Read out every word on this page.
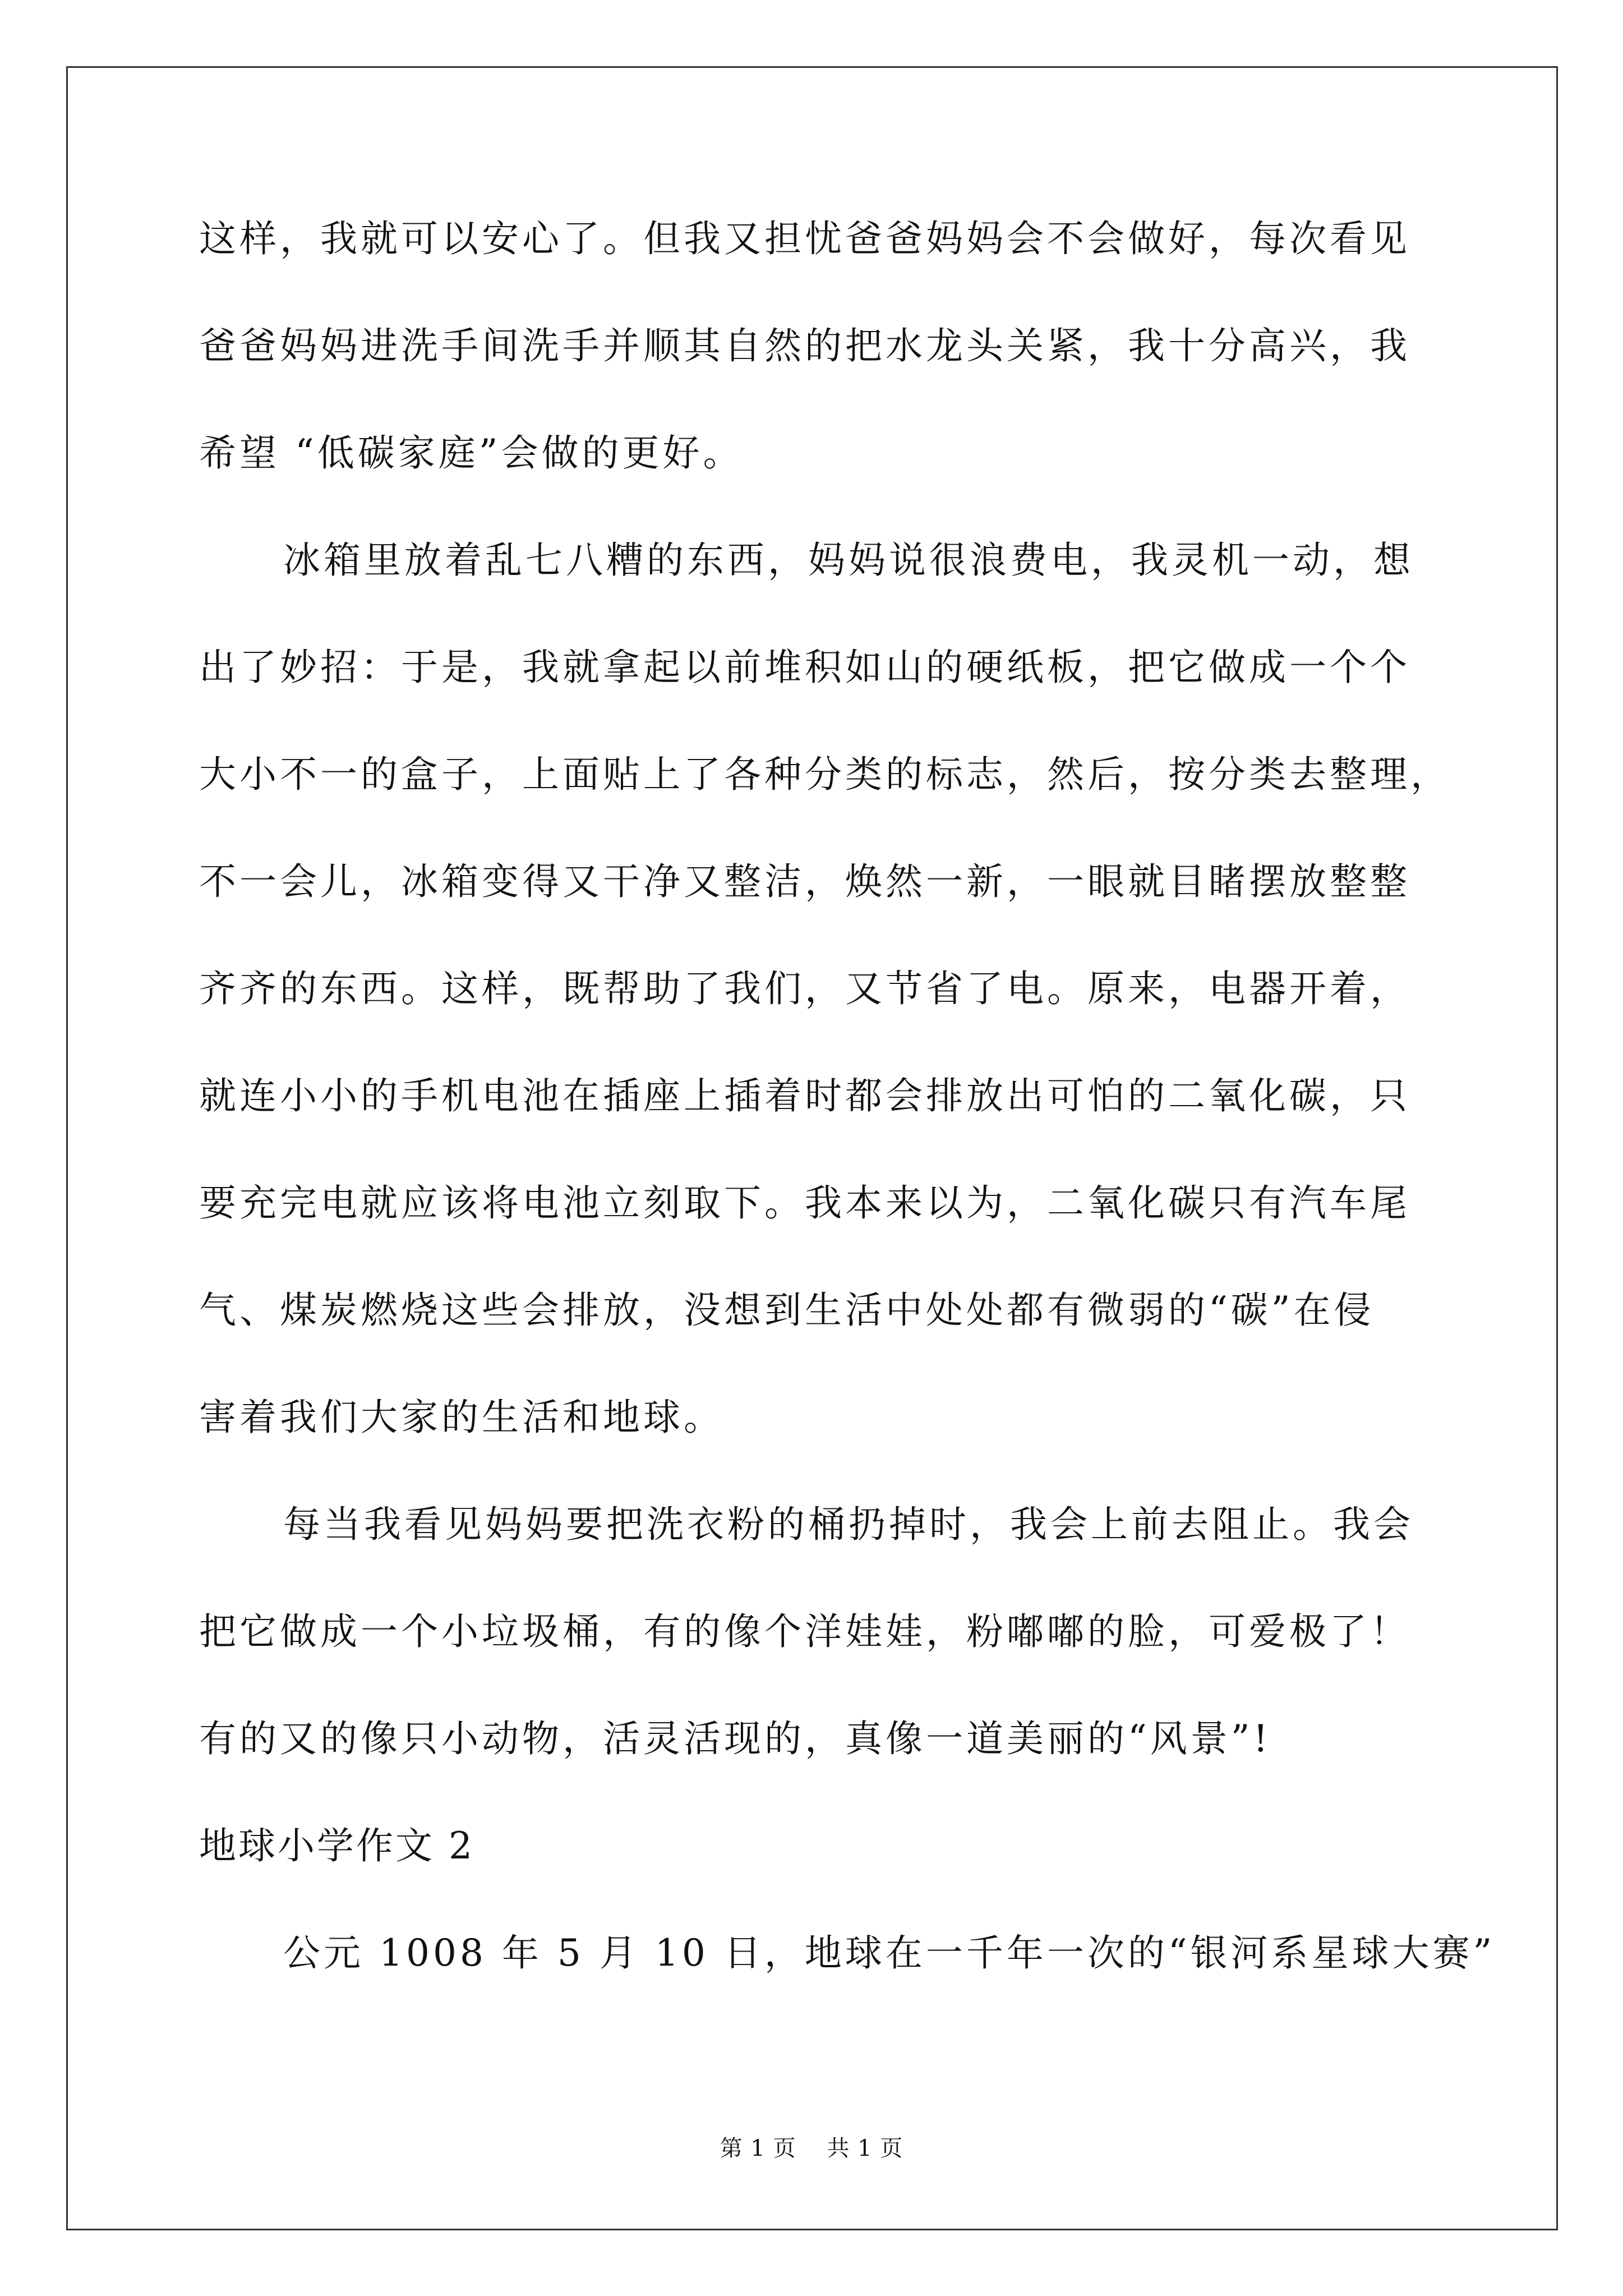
这样，我就可以安心了。但我又担忧爸爸妈妈会不会做好，每次看见
爸爸妈妈进洗手间洗手并顺其自然的把水龙头关紧，我十分高兴，我
希望 “低碳家庭”会做的更好。
冰箱里放着乱七八糟的东西，妈妈说很浪费电，我灵机一动，想
出了妙招：于是，我就拿起以前堆积如山的硬纸板，把它做成一个个
大小不一的盒子，上面贴上了各种分类的标志，然后，按分类去整理，
不一会儿，冰箱变得又干净又整洁，焕然一新，一眼就目睹摆放整整
齐齐的东西。这样，既帮助了我们，又节省了电。原来，电器开着，
就连小小的手机电池在插座上插着时都会排放出可怕的二氧化碳，只
要充完电就应该将电池立刻取下。我本来以为，二氧化碳只有汽车尾
气、煤炭燃烧这些会排放，没想到生活中处处都有微弱的“碳”在侵
害着我们大家的生活和地球。
每当我看见妈妈要把洗衣粉的桶扔掉时，我会上前去阻止。我会
把它做成一个小垃圾桶，有的像个洋娃娃，粉嘟嘟的脸，可爱极了！
有的又的像只小动物，活灵活现的，真像一道美丽的“风景”!
地球小学作文 2
公元 1008 年 5 月 10 日，地球在一千年一次的“银河系星球大赛”
第 1 页    共 1 页
